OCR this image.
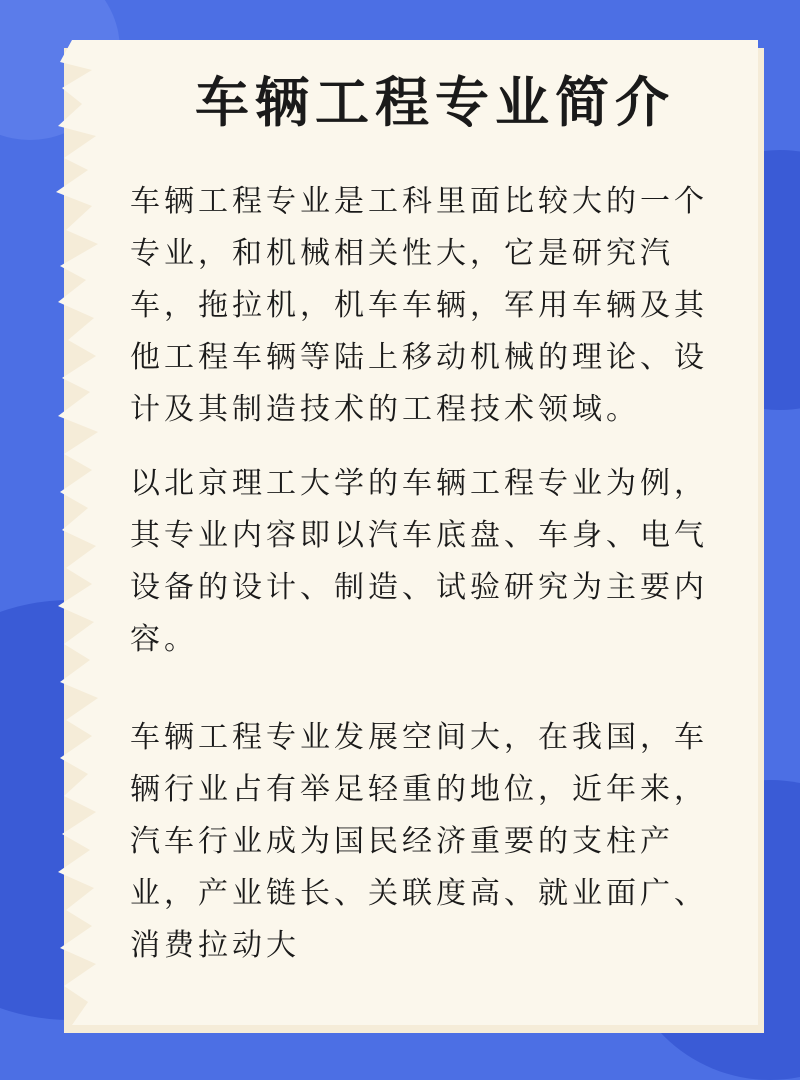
车辆工程专业简介

车辆工程专业是工科里面比较大的一个专业，和机械相关性大，它是研究汽车，拖拉机，机车车辆，军用车辆及其他工程车辆等陆上移动机械的理论、设计及其制造技术的工程技术领域。

以北京理工大学的车辆工程专业为例，其专业内容即以汽车底盘、车身、电气设备的设计、制造、试验研究为主要内容。

车辆工程专业发展空间大，在我国，车辆行业占有举足轻重的地位，近年来，汽车行业成为国民经济重要的支柱产业，产业链长、关联度高、就业面广、消费拉动大
